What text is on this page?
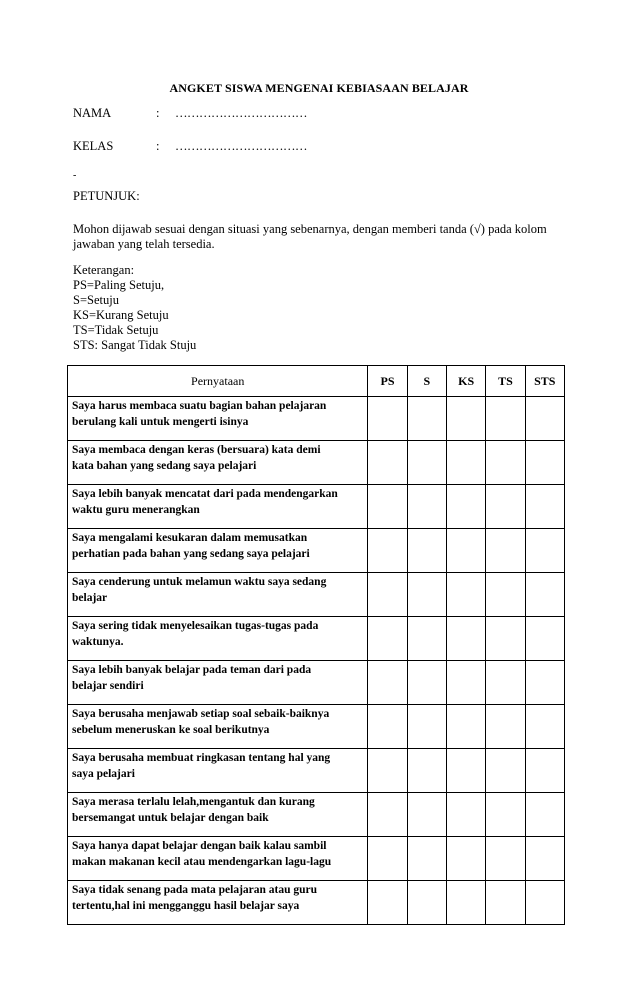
ANGKET SISWA MENGENAI KEBIASAAN BELAJAR
NAMA	: ……………………………
KELAS	: ……………………………
-
PETUNJUK:
Mohon dijawab sesuai dengan situasi yang sebenarnya, dengan memberi tanda (√) pada kolom
jawaban yang telah tersedia.
Keterangan:
PS=Paling Setuju,
S=Setuju
KS=Kurang Setuju
TS=Tidak Setuju
STS: Sangat Tidak Stuju
Pernyataan	PS	S	KS	TS	STS

Saya harus membaca suatu bagian bahan pelajaran
berulang kali untuk mengerti isinya					

Saya membaca dengan keras (bersuara) kata demi
kata bahan yang sedang saya pelajari					

Saya lebih banyak mencatat dari pada mendengarkan
waktu guru menerangkan					

Saya mengalami kesukaran dalam memusatkan
perhatian pada bahan yang sedang saya pelajari					

Saya cenderung untuk melamun waktu saya sedang
belajar					

Saya sering tidak menyelesaikan tugas-tugas pada
waktunya.					

Saya lebih banyak belajar pada teman dari pada
belajar sendiri					

Saya berusaha menjawab setiap soal sebaik-baiknya
sebelum meneruskan ke soal berikutnya					

Saya berusaha membuat ringkasan tentang hal yang
saya pelajari					

Saya merasa terlalu lelah,mengantuk dan kurang
bersemangat untuk belajar dengan baik					

Saya hanya dapat belajar dengan baik kalau sambil
makan makanan kecil atau mendengarkan lagu-lagu					

Saya tidak senang pada mata pelajaran atau guru
tertentu,hal ini mengganggu hasil belajar saya					
